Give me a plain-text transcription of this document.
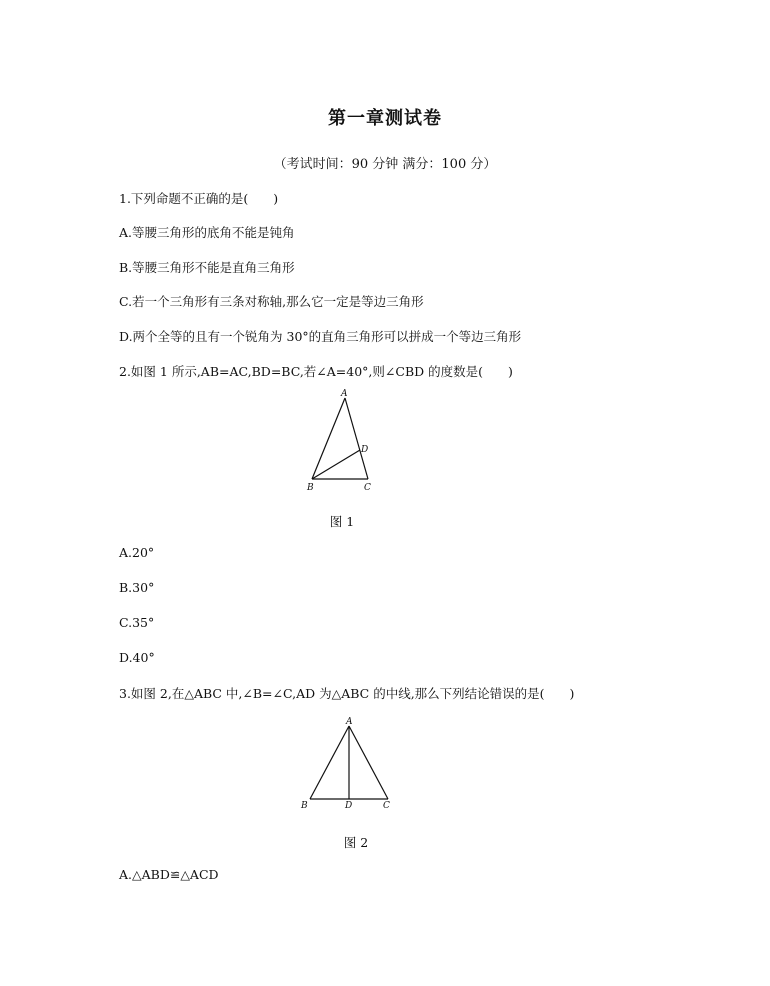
第一章测试卷
（考试时间：90 分钟 满分：100 分）
1.下列命题不正确的是(　　)
A.等腰三角形的底角不能是钝角
B.等腰三角形不能是直角三角形
C.若一个三角形有三条对称轴,那么它一定是等边三角形
D.两个全等的且有一个锐角为 30°的直角三角形可以拼成一个等边三角形
2.如图 1 所示,AB=AC,BD=BC,若∠A=40°,则∠CBD 的度数是(　　)
A
D
B	C
图 1
A.20°
B.30°
C.35°
D.40°
3.如图 2,在△ABC 中,∠B=∠C,AD 为△ABC 的中线,那么下列结论错误的是(　　)
A
B	D	C
图 2
A.△ABD≌△ACD
